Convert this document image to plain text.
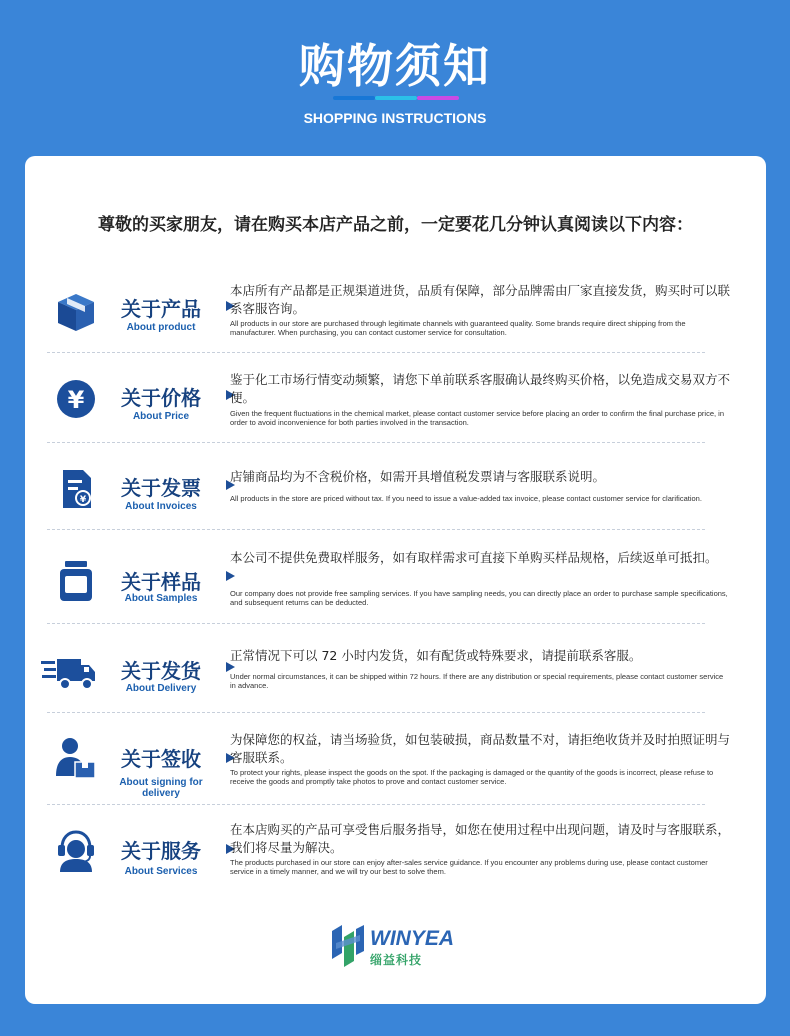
购物须知
SHOPPING INSTRUCTIONS
尊敬的买家朋友，请在购买本店产品之前，一定要花几分钟认真阅读以下内容：
关于产品
About product
本店所有产品都是正规渠道进货，品质有保障，部分品牌需由厂家直接发货，购买时可以联系客服咨询。
All products in our store are purchased through legitimate channels with guaranteed quality. Some brands require direct shipping from the manufacturer. When purchasing, you can contact customer service for consultation.
¥	关于价格
About Price
鉴于化工市场行情变动频繁，请您下单前联系客服确认最终购买价格，以免造成交易双方不便。
Given the frequent fluctuations in the chemical market, please contact customer service before placing an order to confirm the final purchase price, in order to avoid inconvenience for both parties involved in the transaction.
¥	关于发票
About Invoices
店铺商品均为不含税价格，如需开具增值税发票请与客服联系说明。
All products in the store are priced without tax. If you need to issue a value-added tax invoice, please contact customer service for clarification.
关于样品
About Samples
本公司不提供免费取样服务，如有取样需求可直接下单购买样品规格，后续返单可抵扣。
Our company does not provide free sampling services. If you have sampling needs, you can directly place an order to purchase sample specifications, and subsequent returns can be deducted.
关于发货
About Delivery
正常情况下可以 72 小时内发货，如有配货或特殊要求，请提前联系客服。
Under normal circumstances, it can be shipped within 72 hours. If there are any distribution or special requirements, please contact customer service in advance.
关于签收
About signing for delivery
为保障您的权益，请当场验货，如包装破损，商品数量不对，请拒绝收货并及时拍照证明与客服联系。
To protect your rights, please inspect the goods on the spot. If the packaging is damaged or the quantity of the goods is incorrect, please refuse to receive the goods and promptly take photos to prove and contact customer service.
关于服务
About Services
在本店购买的产品可享受售后服务指导，如您在使用过程中出现问题，请及时与客服联系，我们将尽量为解决。
The products purchased in our store can enjoy after-sales service guidance. If you encounter any problems during use, please contact customer service in a timely manner, and we will try our best to solve them.
WINYEA
缁益科技
